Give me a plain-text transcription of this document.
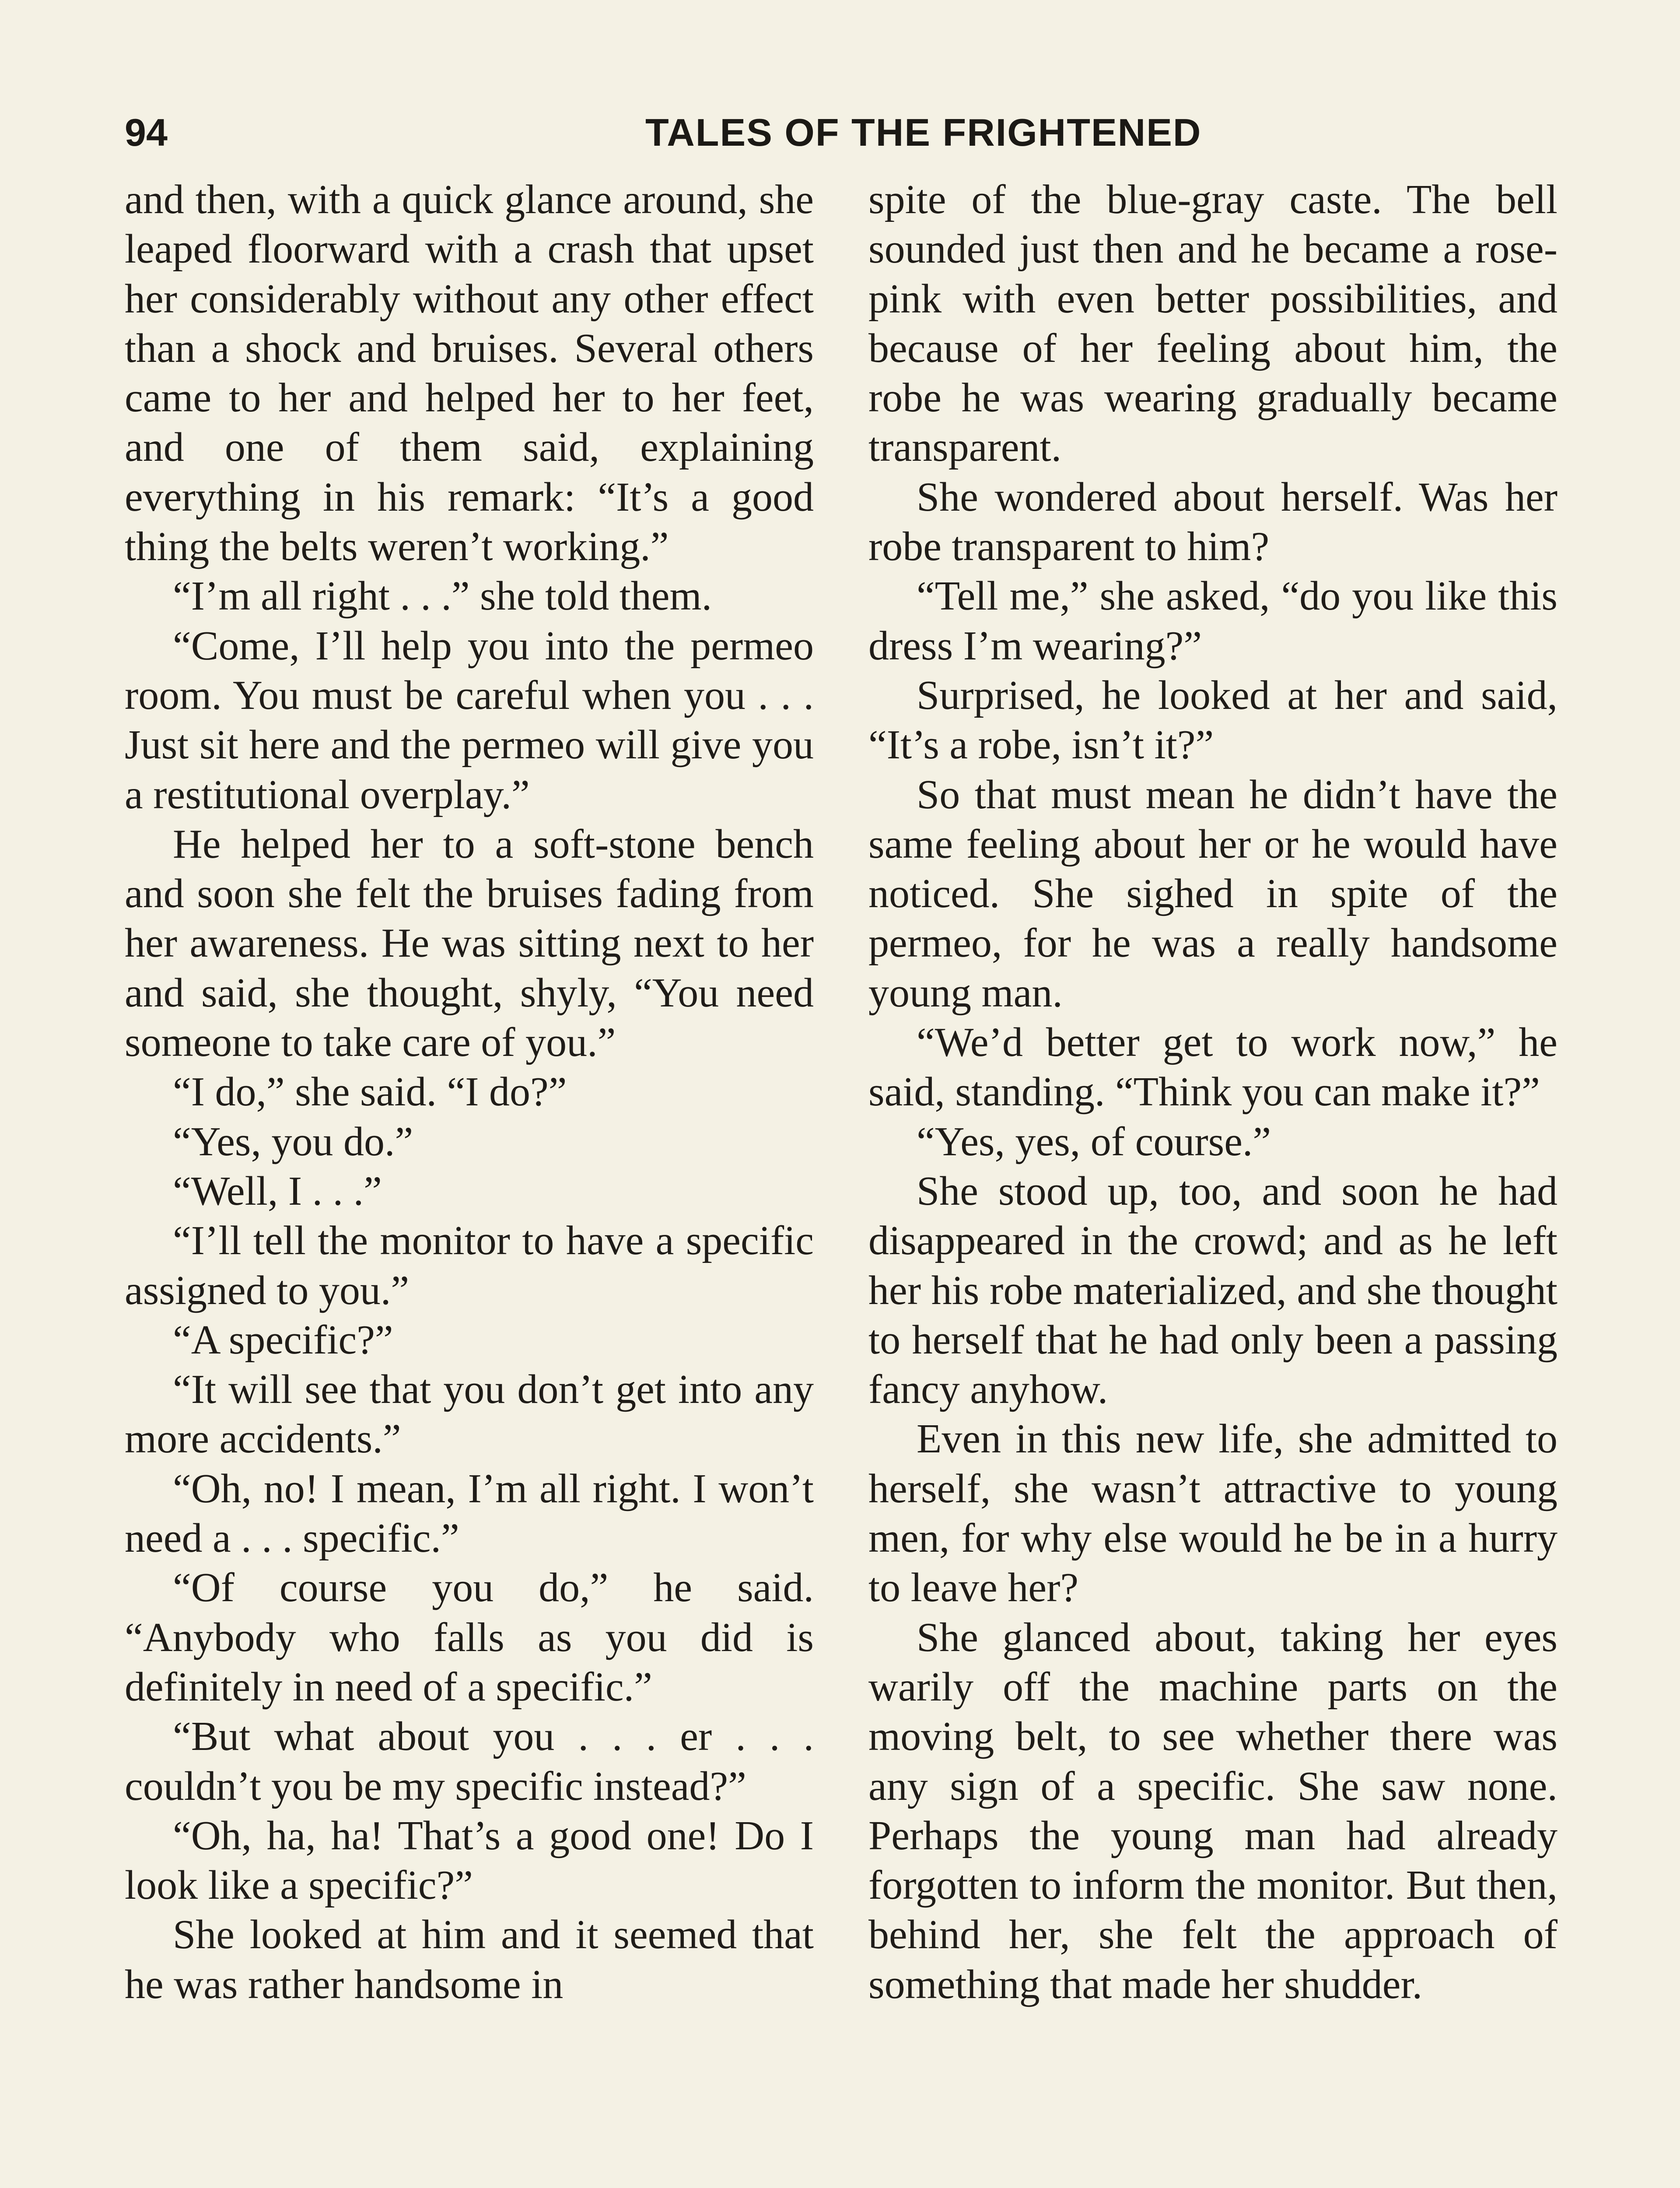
94	TALES OF THE FRIGHTENED

and then, with a quick glance around, she leaped floorward with a crash that upset her considerably without any other effect than a shock and bruises. Several others came to her and helped her to her feet, and one of them said, explaining everything in his remark: “It’s a good thing the belts weren’t working.”

“I’m all right . . .” she told them.

“Come, I’ll help you into the permeo room. You must be careful when you . . . Just sit here and the permeo will give you a restitutional overplay.”

He helped her to a soft-stone bench and soon she felt the bruises fading from her awareness. He was sitting next to her and said, she thought, shyly, “You need someone to take care of you.”

“I do,” she said. “I do?”

“Yes, you do.”

“Well, I . . .”

“I’ll tell the monitor to have a specific assigned to you.”

“A specific?”

“It will see that you don’t get into any more accidents.”

“Oh, no! I mean, I’m all right. I won’t need a . . . specific.”

“Of course you do,” he said. “Anybody who falls as you did is definitely in need of a specific.”

“But what about you . . . er . . . couldn’t you be my specific instead?”

“Oh, ha, ha! That’s a good one! Do I look like a specific?”

She looked at him and it seemed that he was rather handsome in

spite of the blue-gray caste. The bell sounded just then and he became a rose-pink with even better possibilities, and because of her feeling about him, the robe he was wearing gradually became transparent.

She wondered about herself. Was her robe transparent to him?

“Tell me,” she asked, “do you like this dress I’m wearing?”

Surprised, he looked at her and said, “It’s a robe, isn’t it?”

So that must mean he didn’t have the same feeling about her or he would have noticed. She sighed in spite of the permeo, for he was a really handsome young man.

“We’d better get to work now,” he said, standing. “Think you can make it?”

“Yes, yes, of course.”

She stood up, too, and soon he had disappeared in the crowd; and as he left her his robe materialized, and she thought to herself that he had only been a passing fancy anyhow.

Even in this new life, she admitted to herself, she wasn’t attractive to young men, for why else would he be in a hurry to leave her?

She glanced about, taking her eyes warily off the machine parts on the moving belt, to see whether there was any sign of a specific. She saw none. Perhaps the young man had already forgotten to inform the monitor. But then, behind her, she felt the approach of something that made her shudder.
